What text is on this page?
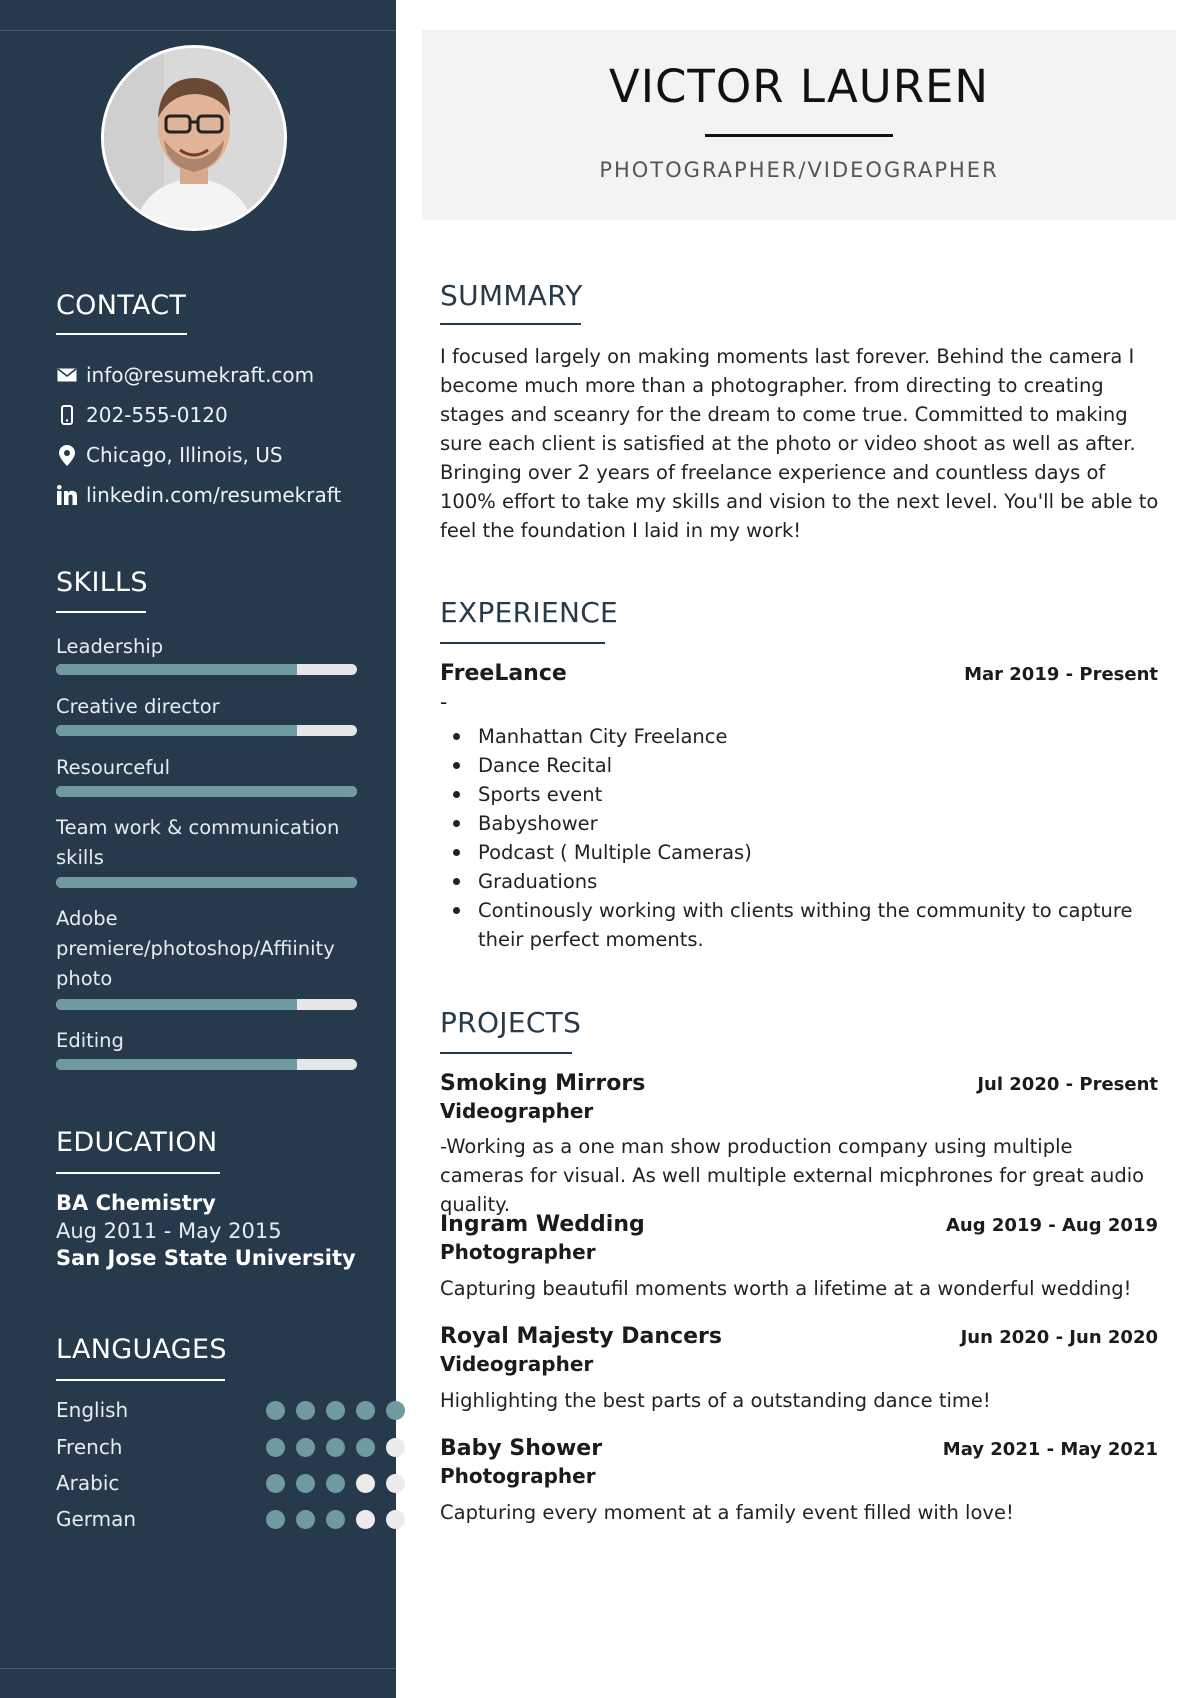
CONTACT
info@resumekraft.com
202-555-0120
Chicago, Illinois, US
linkedin.com/resumekraft
SKILLS
Leadership
Creative director
Resourceful
Team work & communication skills
Adobe premiere/photoshop/Affiinity photo
Editing
EDUCATION
BA Chemistry
Aug 2011 - May 2015
San Jose State University
LANGUAGES
English
French
Arabic
German
VICTOR LAUREN
PHOTOGRAPHER/VIDEOGRAPHER
SUMMARY
I focused largely on making moments last forever. Behind the camera I become much more than a photographer. from directing to creating stages and sceanry for the dream to come true. Committed to making sure each client is satisfied at the photo or video shoot as well as after. Bringing over 2 years of freelance experience and countless days of 100% effort to take my skills and vision to the next level. You'll be able to feel the foundation I laid in my work!
EXPERIENCE
FreeLance	Mar 2019 - Present
-
Manhattan City Freelance
Dance Recital
Sports event
Babyshower
Podcast ( Multiple Cameras)
Graduations
Continously working with clients withing the community to capture their perfect moments.
PROJECTS
Smoking Mirrors	Jul 2020 - Present
Videographer
-Working as a one man show production company using multiple cameras for visual. As well multiple external micphrones for great audio quality.
Ingram Wedding	Aug 2019 - Aug 2019
Photographer
Capturing beautufil moments worth a lifetime at a wonderful wedding!
Royal Majesty Dancers	Jun 2020 - Jun 2020
Videographer
Highlighting the best parts of a outstanding dance time!
Baby Shower	May 2021 - May 2021
Photographer
Capturing every moment at a family event filled with love!
